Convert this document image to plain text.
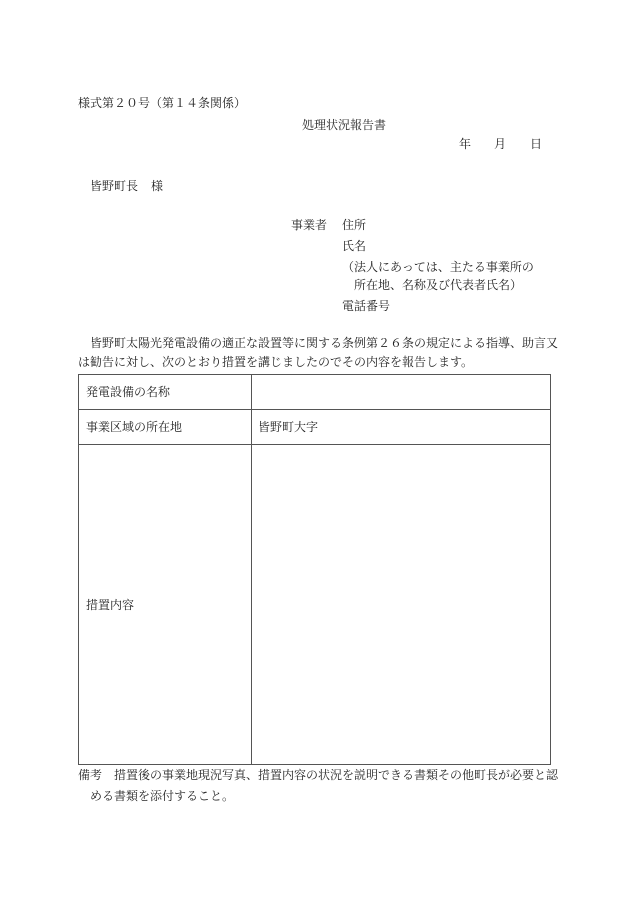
様式第２０号（第１４条関係）
処理状況報告書
年 月 日
皆野町長 様
事業者 住所
氏名
（法人にあっては、主たる事業所の
所在地、名称及び代表者氏名）
電話番号
皆野町太陽光発電設備の適正な設置等に関する条例第２６条の規定による指導、助言又
は勧告に対し、次のとおり措置を講じましたのでその内容を報告します。
発電設備の名称	
事業区域の所在地	皆野町大字
措置内容	
備考 措置後の事業地現況写真、措置内容の状況を説明できる書類その他町長が必要と認
める書類を添付すること。
